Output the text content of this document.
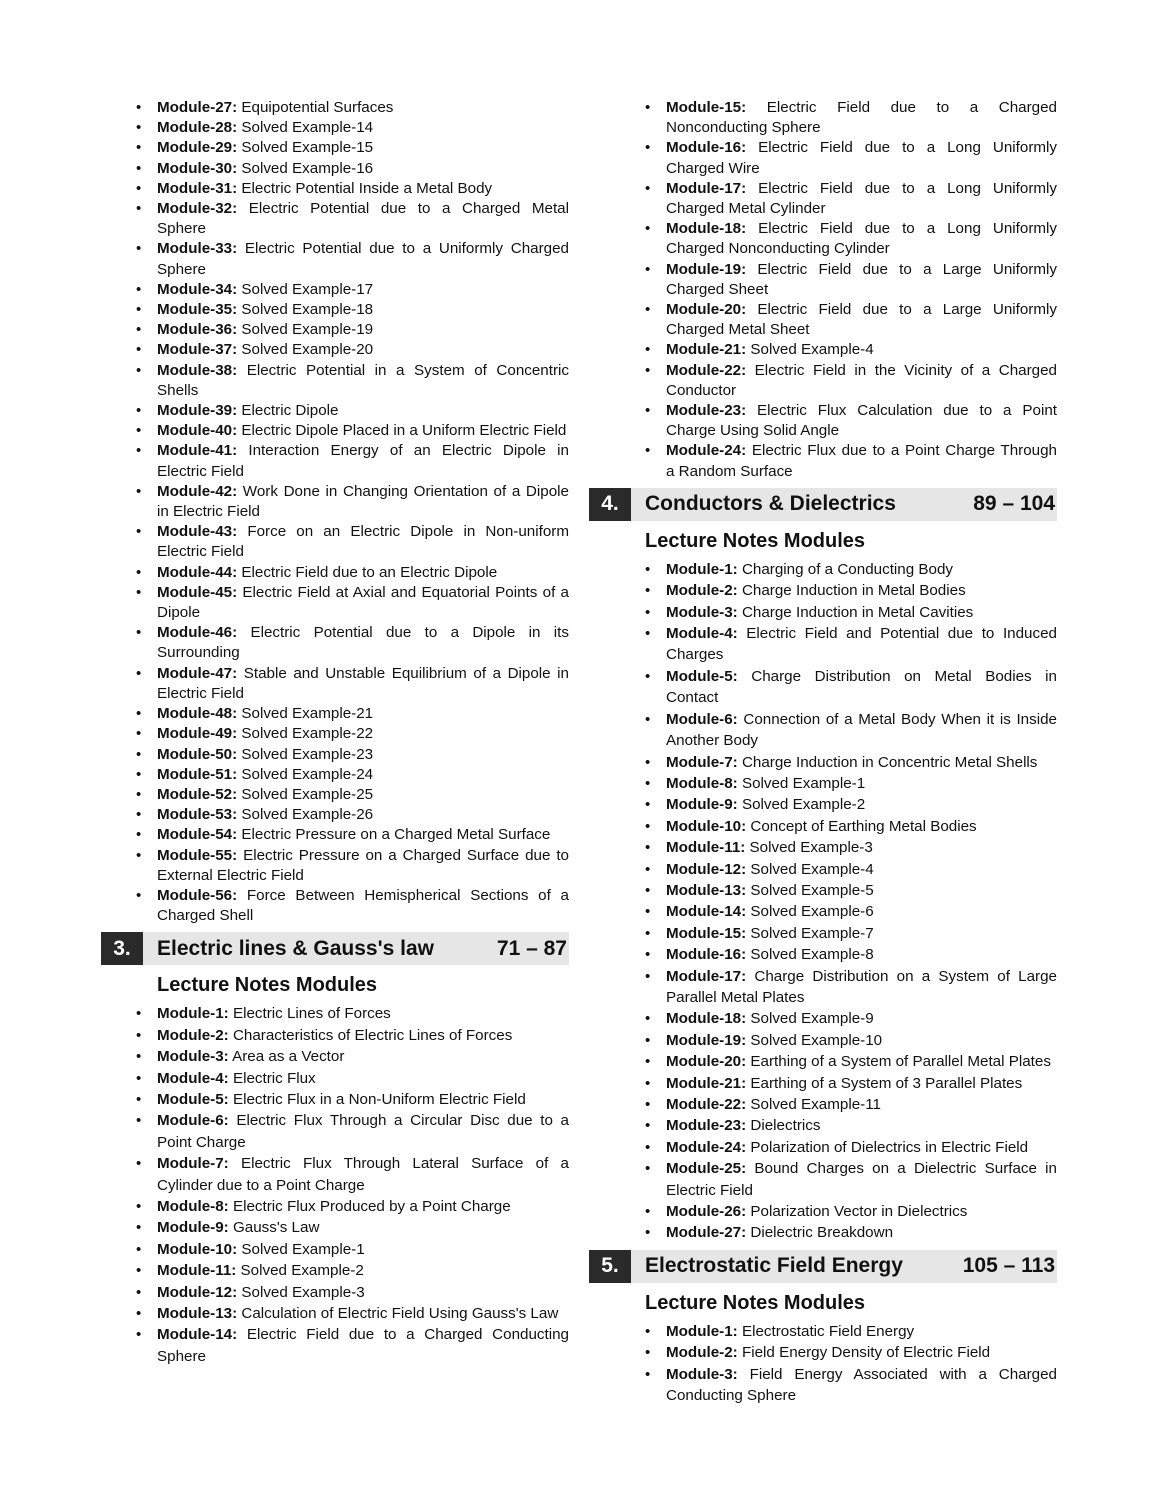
• Module-27: Equipotential Surfaces
• Module-28: Solved Example-14
• Module-29: Solved Example-15
• Module-30: Solved Example-16
• Module-31: Electric Potential Inside a Metal Body
• Module-32: Electric Potential due to a Charged Metal Sphere
• Module-33: Electric Potential due to a Uniformly Charged Sphere
• Module-34: Solved Example-17
• Module-35: Solved Example-18
• Module-36: Solved Example-19
• Module-37: Solved Example-20
• Module-38: Electric Potential in a System of Concentric Shells
• Module-39: Electric Dipole
• Module-40: Electric Dipole Placed in a Uniform Electric Field
• Module-41: Interaction Energy of an Electric Dipole in Electric Field
• Module-42: Work Done in Changing Orientation of a Dipole in Electric Field
• Module-43: Force on an Electric Dipole in Non-uniform Electric Field
• Module-44: Electric Field due to an Electric Dipole
• Module-45: Electric Field at Axial and Equatorial Points of a Dipole
• Module-46: Electric Potential due to a Dipole in its Surrounding
• Module-47: Stable and Unstable Equilibrium of a Dipole in Electric Field
• Module-48: Solved Example-21
• Module-49: Solved Example-22
• Module-50: Solved Example-23
• Module-51: Solved Example-24
• Module-52: Solved Example-25
• Module-53: Solved Example-26
• Module-54: Electric Pressure on a Charged Metal Surface
• Module-55: Electric Pressure on a Charged Surface due to External Electric Field
• Module-56: Force Between Hemispherical Sections of a Charged Shell
3.	Electric lines & Gauss's law	71 – 87
Lecture Notes Modules
• Module-1: Electric Lines of Forces
• Module-2: Characteristics of Electric Lines of Forces
• Module-3: Area as a Vector
• Module-4: Electric Flux
• Module-5: Electric Flux in a Non-Uniform Electric Field
• Module-6: Electric Flux Through a Circular Disc due to a Point Charge
• Module-7: Electric Flux Through Lateral Surface of a Cylinder due to a Point Charge
• Module-8: Electric Flux Produced by a Point Charge
• Module-9: Gauss's Law
• Module-10: Solved Example-1
• Module-11: Solved Example-2
• Module-12: Solved Example-3
• Module-13: Calculation of Electric Field Using Gauss's Law
• Module-14: Electric Field due to a Charged Conducting Sphere
• Module-15: Electric Field due to a Charged Nonconducting Sphere
• Module-16: Electric Field due to a Long Uniformly Charged Wire
• Module-17: Electric Field due to a Long Uniformly Charged Metal Cylinder
• Module-18: Electric Field due to a Long Uniformly Charged Nonconducting Cylinder
• Module-19: Electric Field due to a Large Uniformly Charged Sheet
• Module-20: Electric Field due to a Large Uniformly Charged Metal Sheet
• Module-21: Solved Example-4
• Module-22: Electric Field in the Vicinity of a Charged Conductor
• Module-23: Electric Flux Calculation due to a Point Charge Using Solid Angle
• Module-24: Electric Flux due to a Point Charge Through a Random Surface
4.	Conductors & Dielectrics	89 – 104
Lecture Notes Modules
• Module-1: Charging of a Conducting Body
• Module-2: Charge Induction in Metal Bodies
• Module-3: Charge Induction in Metal Cavities
• Module-4: Electric Field and Potential due to Induced Charges
• Module-5: Charge Distribution on Metal Bodies in Contact
• Module-6: Connection of a Metal Body When it is Inside Another Body
• Module-7: Charge Induction in Concentric Metal Shells
• Module-8: Solved Example-1
• Module-9: Solved Example-2
• Module-10: Concept of Earthing Metal Bodies
• Module-11: Solved Example-3
• Module-12: Solved Example-4
• Module-13: Solved Example-5
• Module-14: Solved Example-6
• Module-15: Solved Example-7
• Module-16: Solved Example-8
• Module-17: Charge Distribution on a System of Large Parallel Metal Plates
• Module-18: Solved Example-9
• Module-19: Solved Example-10
• Module-20: Earthing of a System of Parallel Metal Plates
• Module-21: Earthing of a System of 3 Parallel Plates
• Module-22: Solved Example-11
• Module-23: Dielectrics
• Module-24: Polarization of Dielectrics in Electric Field
• Module-25: Bound Charges on a Dielectric Surface in Electric Field
• Module-26: Polarization Vector in Dielectrics
• Module-27: Dielectric Breakdown
5.	Electrostatic Field Energy	105 – 113
Lecture Notes Modules
• Module-1: Electrostatic Field Energy
• Module-2: Field Energy Density of Electric Field
• Module-3: Field Energy Associated with a Charged Conducting Sphere
